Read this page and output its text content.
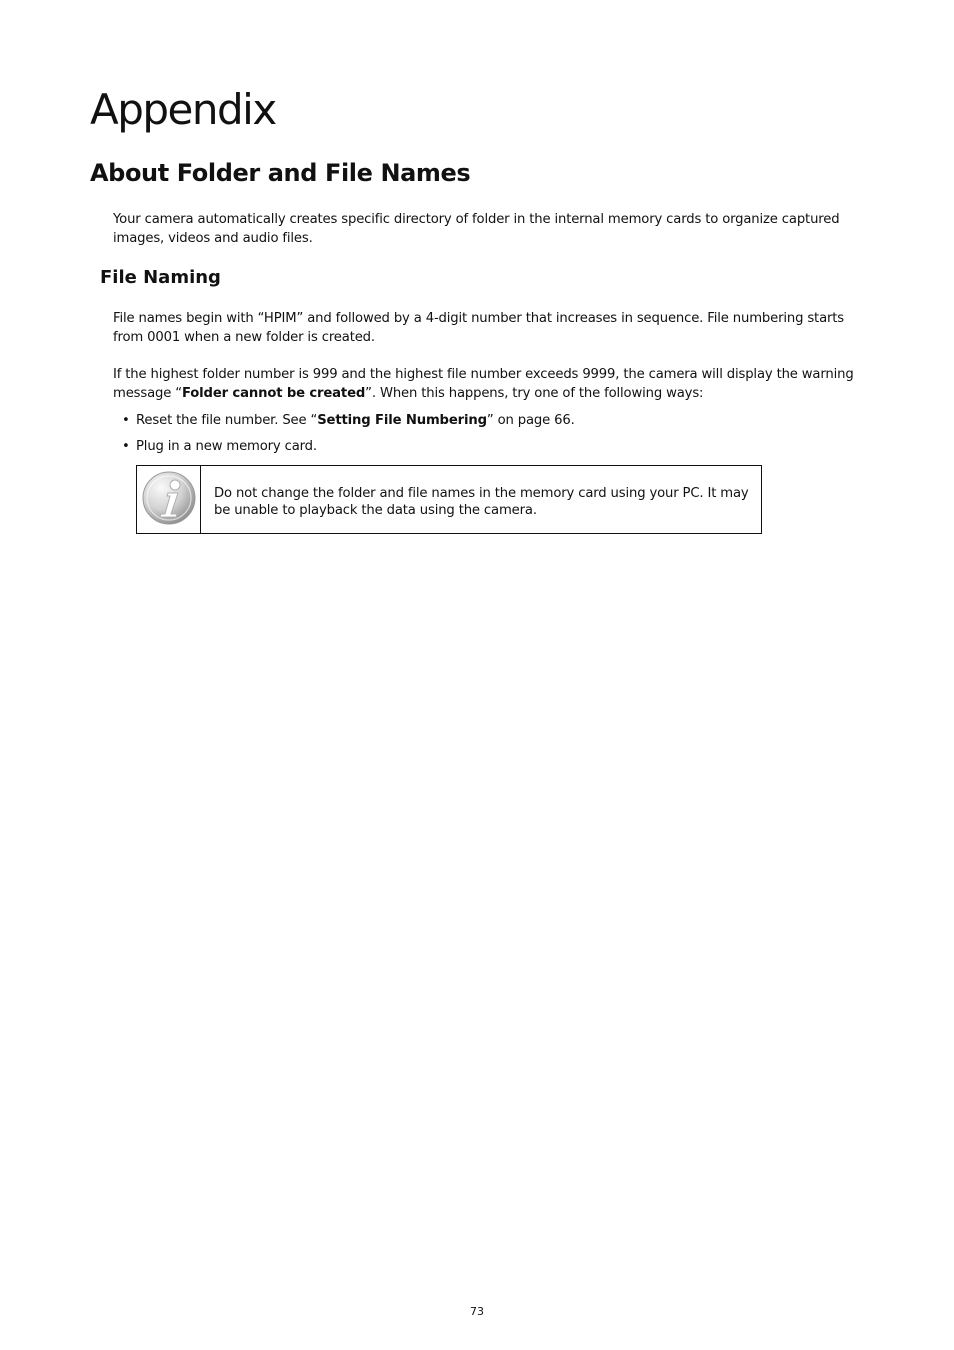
Appendix
About Folder and File Names

Your camera automatically creates specific directory of folder in the internal memory cards to organize captured images, videos and audio files.

File Naming

File names begin with “HPIM” and followed by a 4-digit number that increases in sequence. File numbering starts from 0001 when a new folder is created.

If the highest folder number is 999 and the highest file number exceeds 9999, the camera will display the warning message “Folder cannot be created”. When this happens, try one of the following ways:

• Reset the file number. See “Setting File Numbering” on page 66.
• Plug in a new memory card.
Do not change the folder and file names in the memory card using your PC. It may be unable to playback the data using the camera.
73
